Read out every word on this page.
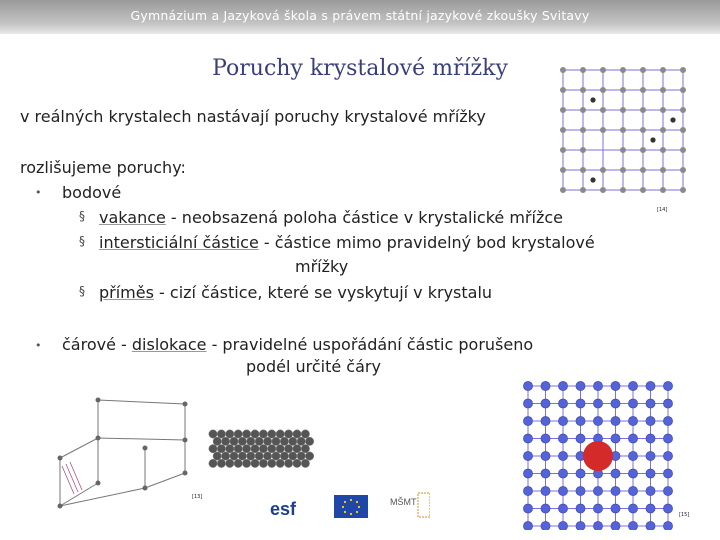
Gymnázium a Jazyková škola s právem státní jazykové zkoušky Svitavy
Poruchy krystalové mřížky
v reálných krystalech nastávají poruchy krystalové mřížky
rozlišujeme poruchy:
• bodové
§ vakance - neobsazená poloha částice v krystalické mřížce
§ intersticiální částice - částice mimo pravidelný bod krystalové
mřížky
§ příměs - cizí částice, které se vyskytují v krystalu
• čárové - dislokace - pravidelné uspořádání částic porušeno
podél určité čáry
[14]
[13]
esf	MŠMT
[15]
